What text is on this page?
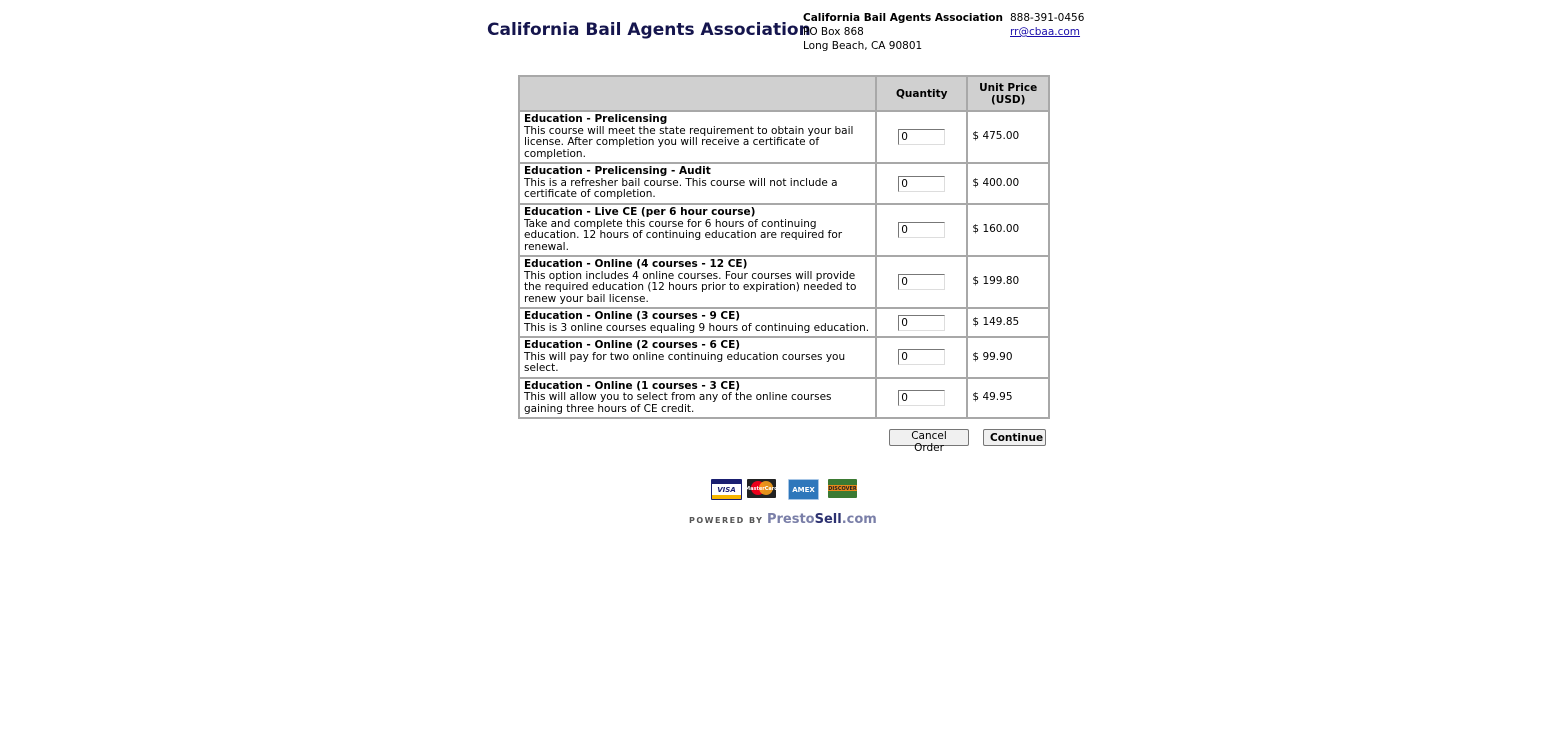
California Bail Agents Association
California Bail Agents Association
PO Box 868
Long Beach, CA 90801
888-391-0456
rr@cbaa.com
	Quantity	Unit Price (USD)

Education - Prelicensing
This course will meet the state requirement to obtain your bail license. After completion you will receive a certificate of completion.
	0	$ 475.00

Education - Prelicensing - Audit
This is a refresher bail course. This course will not include a certificate of completion.
	0	$ 400.00

Education - Live CE (per 6 hour course)
Take and complete this course for 6 hours of continuing education. 12 hours of continuing education are required for renewal.
	0	$ 160.00

Education - Online (4 courses - 12 CE)
This option includes 4 online courses. Four courses will provide the required education (12 hours prior to expiration) needed to renew your bail license.
	0	$ 199.80

Education - Online (3 courses - 9 CE)
This is 3 online courses equaling 9 hours of continuing education.
	0	$ 149.85

Education - Online (2 courses - 6 CE)
This will pay for two online continuing education courses you select.
	0	$ 99.90

Education - Online (1 courses - 3 CE)
This will allow you to select from any of the online courses gaining three hours of CE credit.
	0	$ 49.95
Cancel Order
Continue
VISA MasterCard AMEX	DISCOVER
POWERED BY PrestoSell.com
